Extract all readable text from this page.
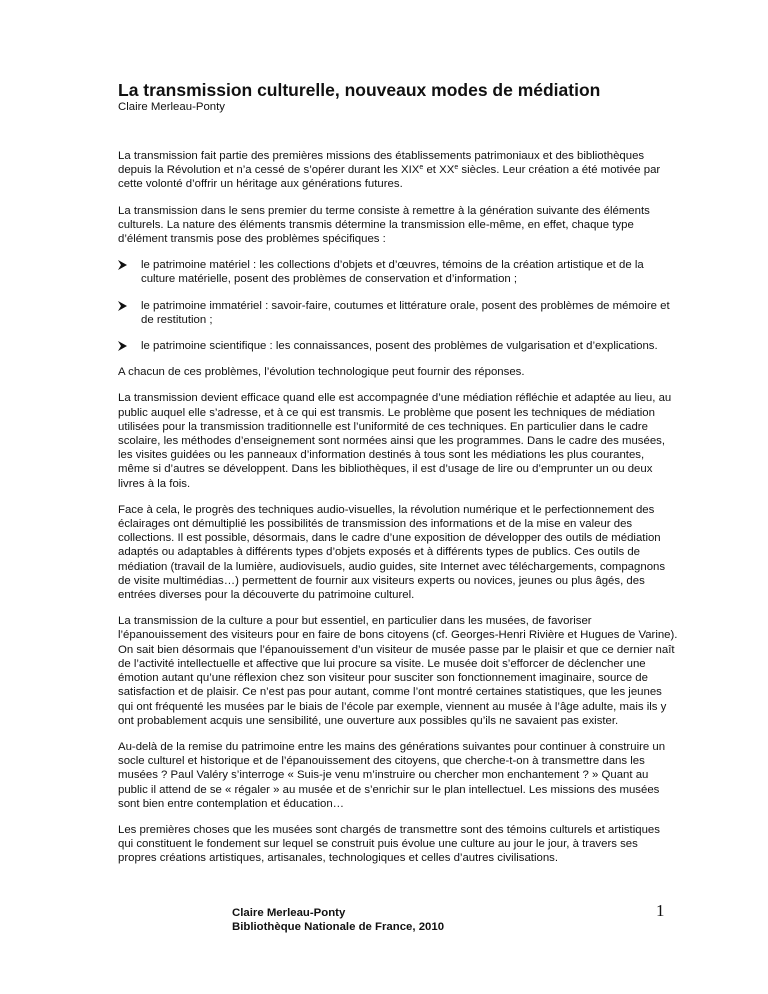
La transmission culturelle, nouveaux modes de médiation
Claire Merleau-Ponty

La transmission fait partie des premières missions des établissements patrimoniaux et des bibliothèques depuis la Révolution et n’a cessé de s’opérer durant les XIXe et XXe siècles. Leur création a été motivée par cette volonté d’offrir un héritage aux générations futures.

La transmission dans le sens premier du terme consiste à remettre à la génération suivante des éléments culturels. La nature des éléments transmis détermine la transmission elle-même, en effet, chaque type d’élément transmis pose des problèmes spécifiques :

le patrimoine matériel : les collections d’objets et d’œuvres, témoins de la création artistique et de la culture matérielle, posent des problèmes de conservation et d’information ;
le patrimoine immatériel : savoir-faire, coutumes et littérature orale, posent des problèmes de mémoire et de restitution ;
le patrimoine scientifique : les connaissances, posent des problèmes de vulgarisation et d’explications.

A chacun de ces problèmes, l’évolution technologique peut fournir des réponses.

La transmission devient efficace quand elle est accompagnée d’une médiation réfléchie et adaptée au lieu, au public auquel elle s’adresse, et à ce qui est transmis. Le problème que posent les techniques de médiation utilisées pour la transmission traditionnelle est l’uniformité de ces techniques. En particulier dans le cadre scolaire, les méthodes d’enseignement sont normées ainsi que les programmes. Dans le cadre des musées, les visites guidées ou les panneaux d’information destinés à tous sont les médiations les plus courantes, même si d’autres se développent. Dans les bibliothèques, il est d’usage de lire ou d’emprunter un ou deux livres à la fois.

Face à cela, le progrès des techniques audio-visuelles, la révolution numérique et le perfectionnement des éclairages ont démultiplié les possibilités de transmission des informations et de la mise en valeur des collections. Il est possible, désormais, dans le cadre d’une exposition de développer des outils de médiation adaptés ou adaptables à différents types d’objets exposés et à différents types de publics. Ces outils de médiation (travail de la lumière, audiovisuels, audio guides, site Internet avec téléchargements, compagnons de visite multimédias…) permettent de fournir aux visiteurs experts ou novices, jeunes ou plus âgés, des entrées diverses pour la découverte du patrimoine culturel.

La transmission de la culture a pour but essentiel, en particulier dans les musées, de favoriser l’épanouissement des visiteurs pour en faire de bons citoyens (cf. Georges-Henri Rivière et Hugues de Varine). On sait bien désormais que l’épanouissement d’un visiteur de musée passe par le plaisir et que ce dernier naît de l’activité intellectuelle et affective que lui procure sa visite. Le musée doit s’efforcer de déclencher une émotion autant qu’une réflexion chez son visiteur pour susciter son fonctionnement imaginaire, source de satisfaction et de plaisir. Ce n’est pas pour autant, comme l’ont montré certaines statistiques, que les jeunes qui ont fréquenté les musées par le biais de l’école par exemple, viennent au musée à l’âge adulte, mais ils y ont probablement acquis une sensibilité, une ouverture aux possibles qu’ils ne savaient pas exister.

Au-delà de la remise du patrimoine entre les mains des générations suivantes pour continuer à construire un socle culturel et historique et de l’épanouissement des citoyens, que cherche-t-on à transmettre dans les musées ? Paul Valéry s’interroge « Suis-je venu m’instruire ou chercher mon enchantement ? » Quant au public il attend de se « régaler » au musée et de s’enrichir sur le plan intellectuel. Les missions des musées sont bien entre contemplation et éducation…

Les premières choses que les musées sont chargés de transmettre sont des témoins culturels et artistiques qui constituent le fondement sur lequel se construit puis évolue une culture au jour le jour, à travers ses propres créations artistiques, artisanales, technologiques et celles d’autres civilisations.

Claire Merleau-Ponty
Bibliothèque Nationale de France, 2010
1
